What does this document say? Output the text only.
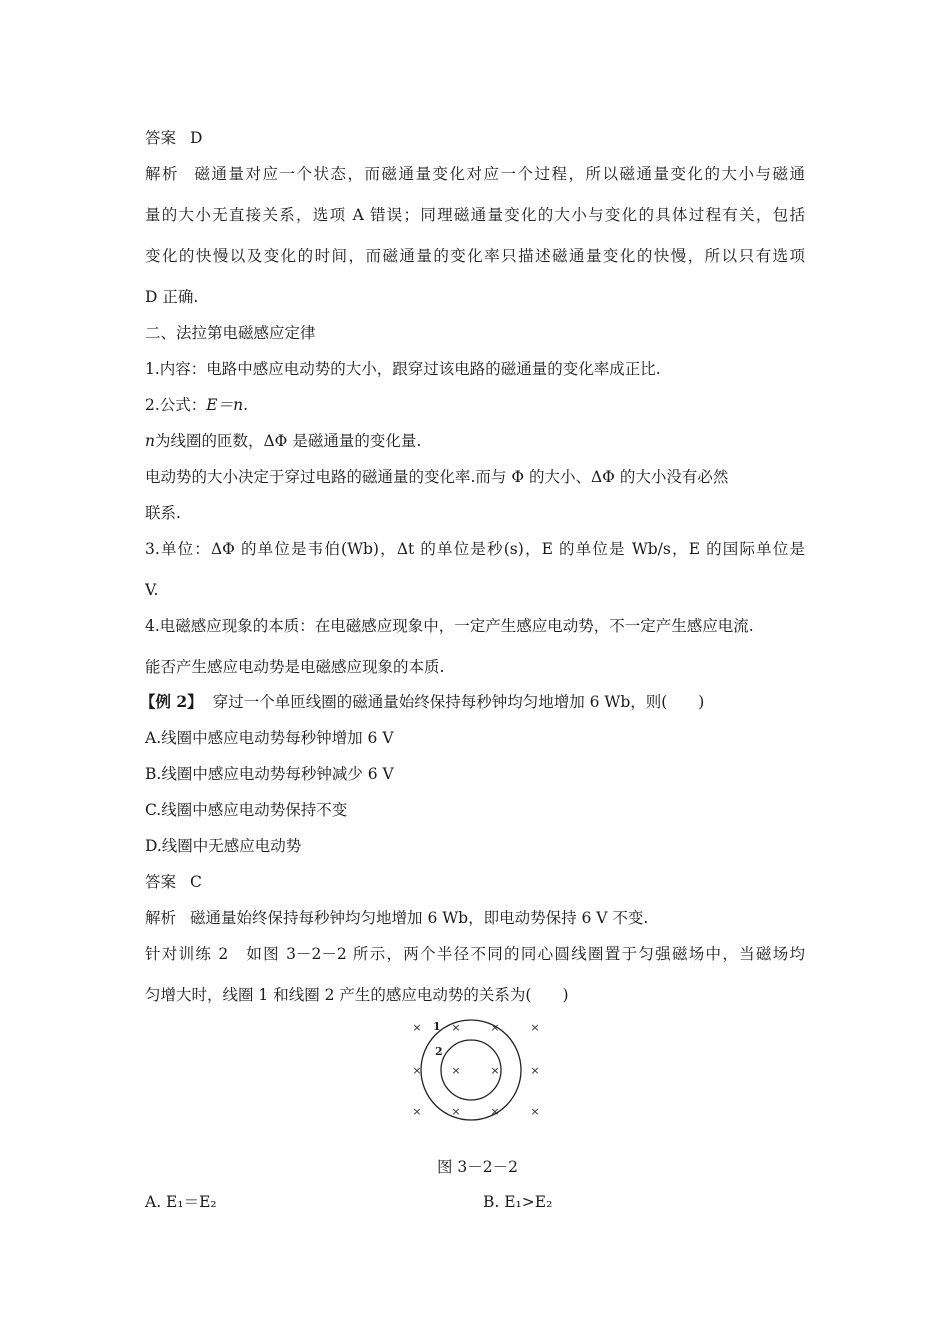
答案 D
解析 磁通量对应一个状态，而磁通量变化对应一个过程，所以磁通量变化的大小与磁通
量的大小无直接关系，选项 A 错误；同理磁通量变化的大小与变化的具体过程有关，包括
变化的快慢以及变化的时间，而磁通量的变化率只描述磁通量变化的快慢，所以只有选项
D 正确.
二、法拉第电磁感应定律
1.内容：电路中感应电动势的大小，跟穿过该电路的磁通量的变化率成正比.
2.公式：E＝n.
n为线圈的匝数，ΔΦ 是磁通量的变化量.
电动势的大小决定于穿过电路的磁通量的变化率.而与 Φ 的大小、ΔΦ 的大小没有必然
联系.
3.单位：ΔΦ 的单位是韦伯(Wb)，Δt 的单位是秒(s)，E 的单位是 Wb/s，E 的国际单位是
V.
4.电磁感应现象的本质：在电磁感应现象中，一定产生感应电动势，不一定产生感应电流.
能否产生感应电动势是电磁感应现象的本质.
【例 2】 穿过一个单匝线圈的磁通量始终保持每秒钟均匀地增加 6 Wb，则(　　)
A.线圈中感应电动势每秒钟增加 6 V
B.线圈中感应电动势每秒钟减少 6 V
C.线圈中感应电动势保持不变
D.线圈中无感应电动势
答案 C
解析 磁通量始终保持每秒钟均匀地增加 6 Wb，即电动势保持 6 V 不变.
针对训练 2　如图 3－2－2 所示，两个半径不同的同心圆线圈置于匀强磁场中，当磁场均
匀增大时，线圈 1 和线圈 2 产生的感应电动势的关系为(　　)
×	×	×	×
×	×	×	×
×	×	×	×
1
2
图 3－2－2
A. E₁＝E₂	B. E₁>E₂
